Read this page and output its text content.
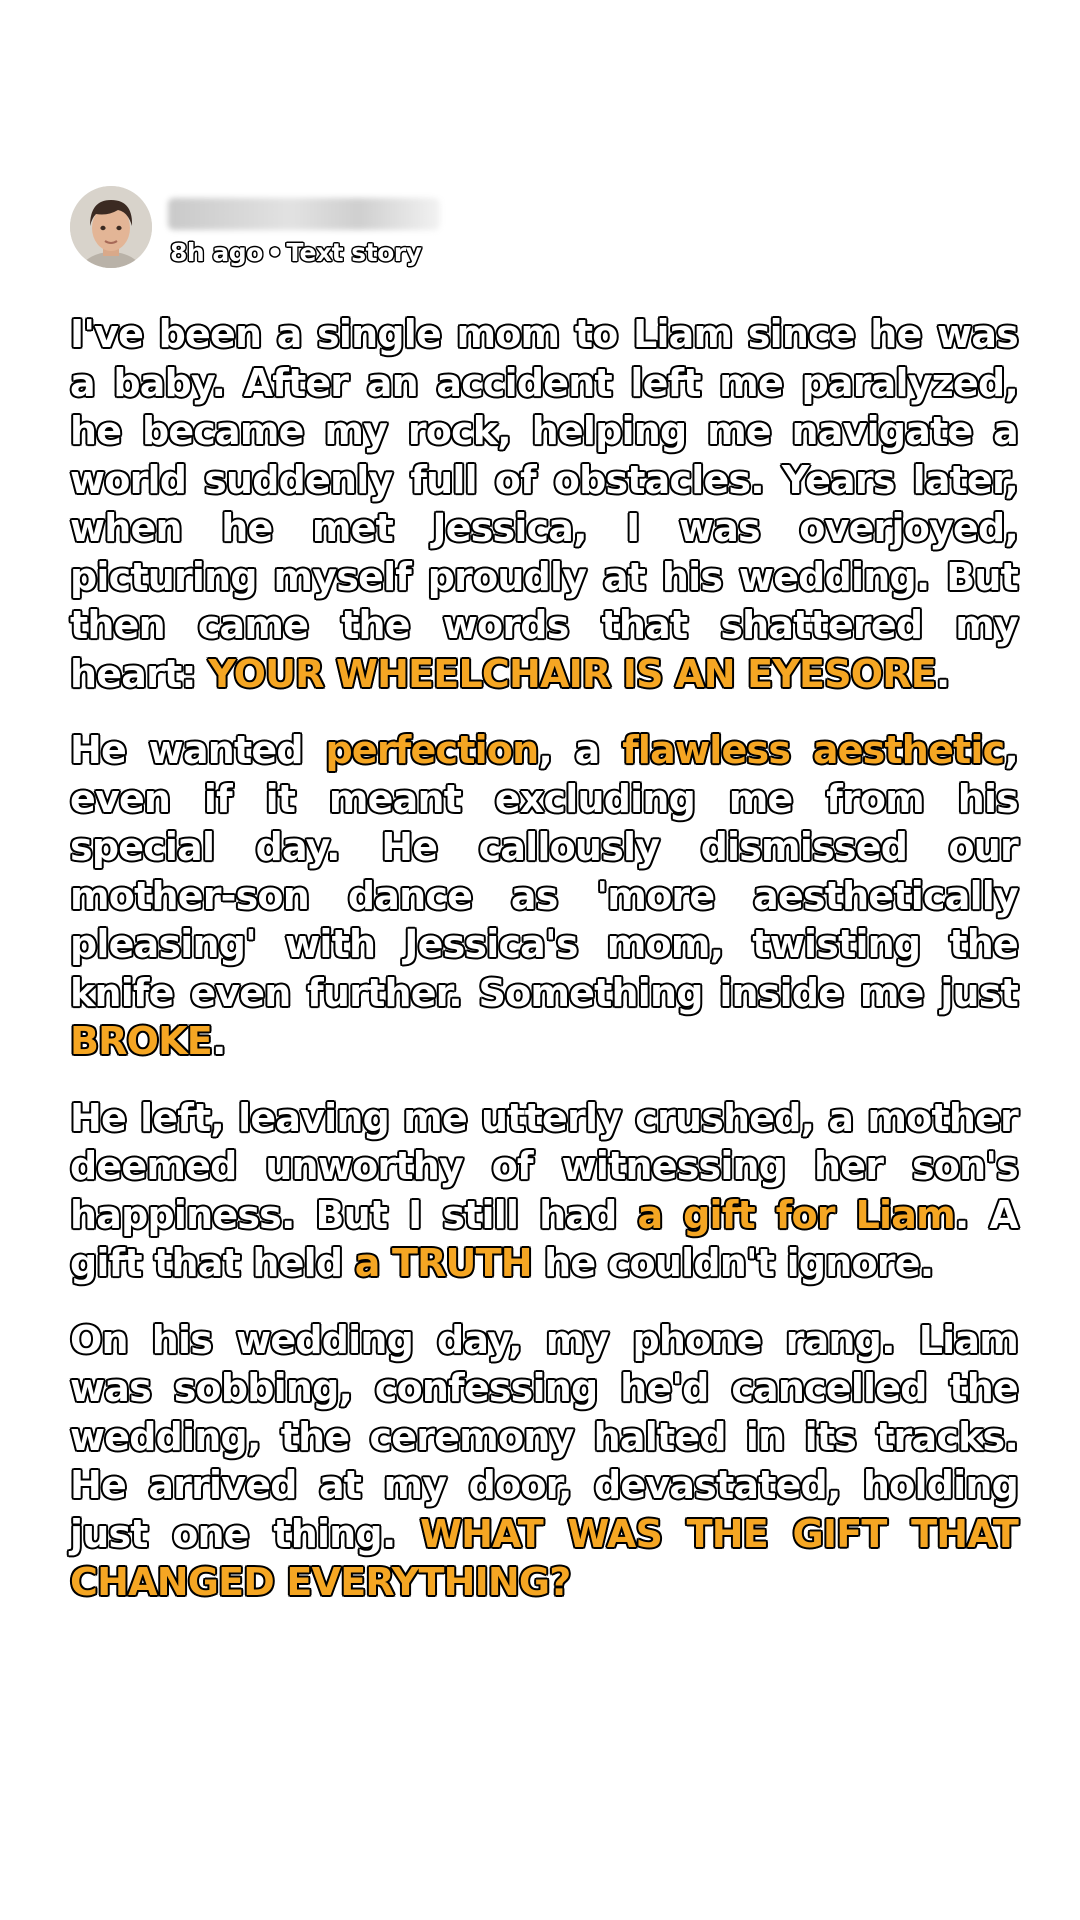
8h ago • Text story

I've been a single mom to Liam since he was a baby. After an accident left me paralyzed, he became my rock, helping me navigate a world suddenly full of obstacles. Years later, when he met Jessica, I was overjoyed, picturing myself proudly at his wedding. But then came the words that shattered my heart: YOUR WHEELCHAIR IS AN EYESORE.

He wanted perfection, a flawless aesthetic, even if it meant excluding me from his special day. He callously dismissed our mother-son dance as 'more aesthetically pleasing' with Jessica's mom, twisting the knife even further. Something inside me just BROKE.

He left, leaving me utterly crushed, a mother deemed unworthy of witnessing her son's happiness. But I still had a gift for Liam. A gift that held a TRUTH he couldn't ignore.

On his wedding day, my phone rang. Liam was sobbing, confessing he'd cancelled the wedding, the ceremony halted in its tracks. He arrived at my door, devastated, holding just one thing. WHAT WAS THE GIFT THAT CHANGED EVERYTHING?
